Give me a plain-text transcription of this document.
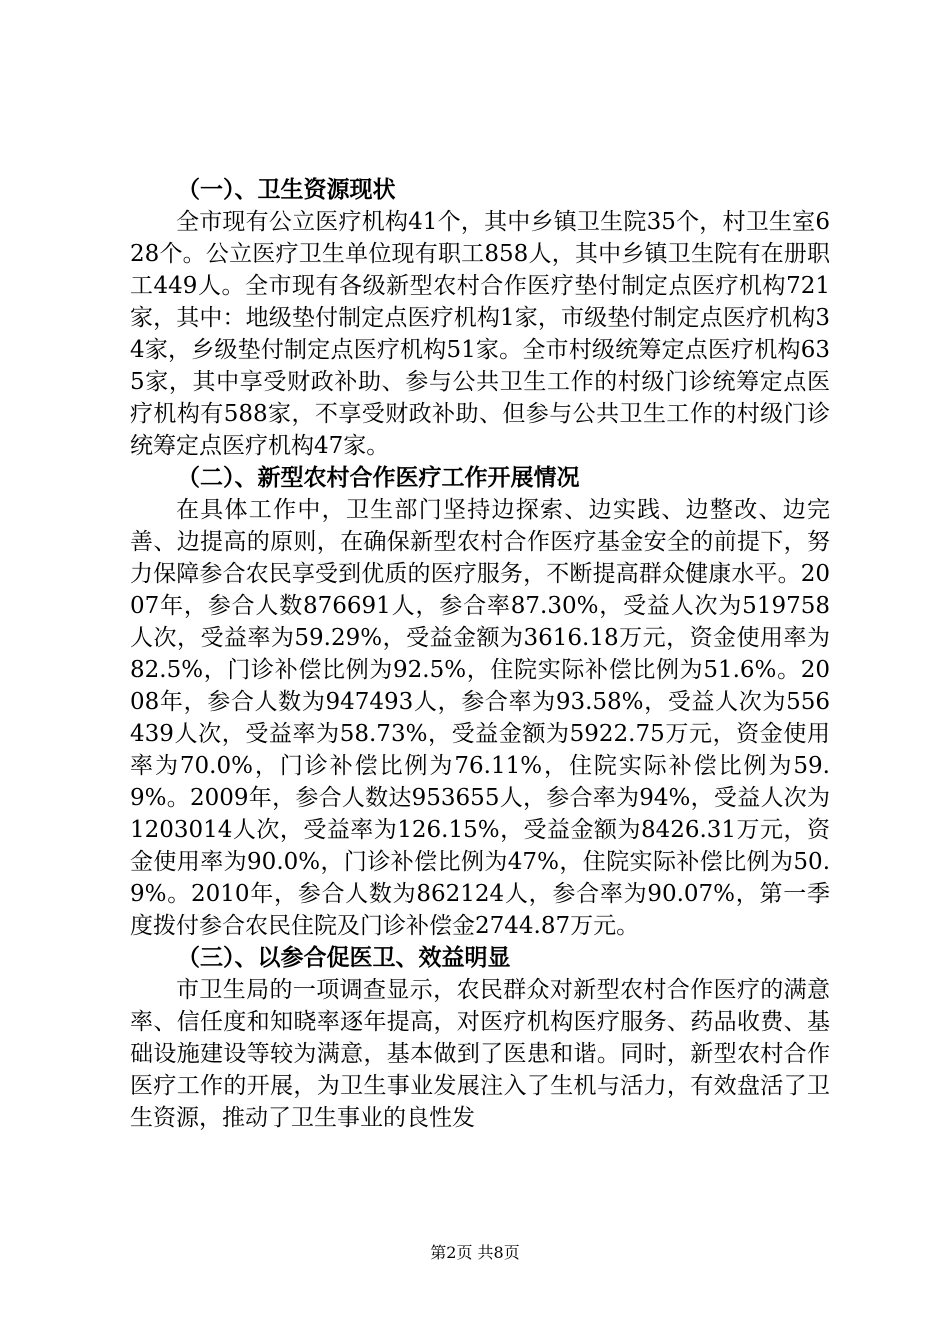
（一）、卫生资源现状

全市现有公立医疗机构41个，其中乡镇卫生院35个，村卫生室628个。公立医疗卫生单位现有职工858人，其中乡镇卫生院有在册职工449人。全市现有各级新型农村合作医疗垫付制定点医疗机构721家，其中：地级垫付制定点医疗机构1家，市级垫付制定点医疗机构34家，乡级垫付制定点医疗机构51家。全市村级统筹定点医疗机构635家，其中享受财政补助、参与公共卫生工作的村级门诊统筹定点医疗机构有588家，不享受财政补助、但参与公共卫生工作的村级门诊统筹定点医疗机构47家。

（二）、新型农村合作医疗工作开展情况

在具体工作中，卫生部门坚持边探索、边实践、边整改、边完善、边提高的原则，在确保新型农村合作医疗基金安全的前提下，努力保障参合农民享受到优质的医疗服务，不断提高群众健康水平。2007年，参合人数876691人，参合率87.30%，受益人次为519758人次，受益率为59.29%，受益金额为3616.18万元，资金使用率为82.5%，门诊补偿比例为92.5%，住院实际补偿比例为51.6%。2008年，参合人数为947493人，参合率为93.58%，受益人次为556439人次，受益率为58.73%，受益金额为5922.75万元，资金使用率为70.0%，门诊补偿比例为76.11%，住院实际补偿比例为59.9%。2009年，参合人数达953655人，参合率为94%，受益人次为1203014人次，受益率为126.15%，受益金额为8426.31万元，资金使用率为90.0%，门诊补偿比例为47%，住院实际补偿比例为50.9%。2010年，参合人数为862124人，参合率为90.07%，第一季度拨付参合农民住院及门诊补偿金2744.87万元。

（三）、以参合促医卫、效益明显

市卫生局的一项调查显示，农民群众对新型农村合作医疗的满意率、信任度和知晓率逐年提高，对医疗机构医疗服务、药品收费、基础设施建设等较为满意，基本做到了医患和谐。同时，新型农村合作医疗工作的开展，为卫生事业发展注入了生机与活力，有效盘活了卫生资源，推动了卫生事业的良性发

第2页 共8页
